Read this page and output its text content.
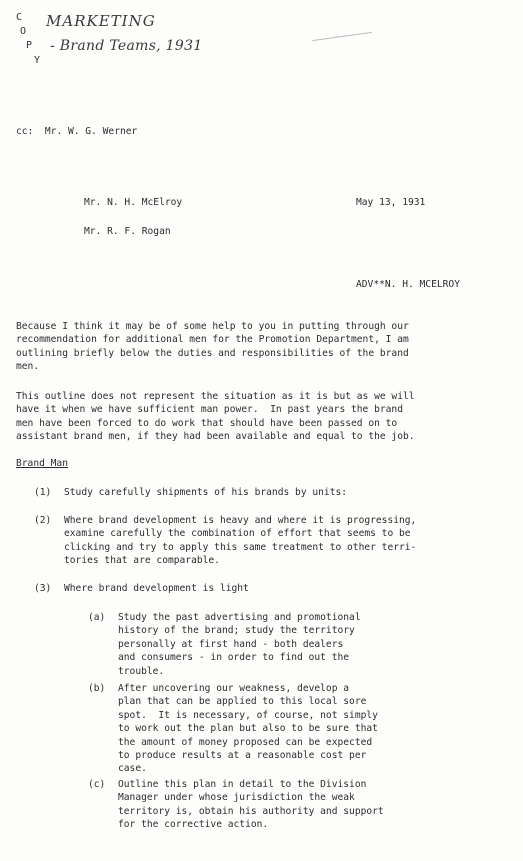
C
O
P
Y
MARKETING
- Brand Teams, 1931
cc:  Mr. W. G. Werner
Mr. N. H. McElroy
Mr. R. F. Rogan
May 13, 1931
ADV**N. H. MCELROY
Because I think it may be of some help to you in putting through our
recommendation for additional men for the Promotion Department, I am
outlining briefly below the duties and responsibilities of the brand
men.
This outline does not represent the situation as it is but as we will
have it when we have sufficient man power.  In past years the brand
men have been forced to do work that should have been passed on to
assistant brand men, if they had been available and equal to the job.
Brand Man
(1) Study carefully shipments of his brands by units:
(2) Where brand development is heavy and where it is progressing,
examine carefully the combination of effort that seems to be
clicking and try to apply this same treatment to other terri-
tories that are comparable.
(3) Where brand development is light
(a) Study the past advertising and promotional
history of the brand; study the territory
personally at first hand - both dealers
and consumers - in order to find out the
trouble.
(b) After uncovering our weakness, develop a
plan that can be applied to this local sore
spot.  It is necessary, of course, not simply
to work out the plan but also to be sure that
the amount of money proposed can be expected
to produce results at a reasonable cost per
case.
(c) Outline this plan in detail to the Division
Manager under whose jurisdiction the weak
territory is, obtain his authority and support
for the corrective action.
